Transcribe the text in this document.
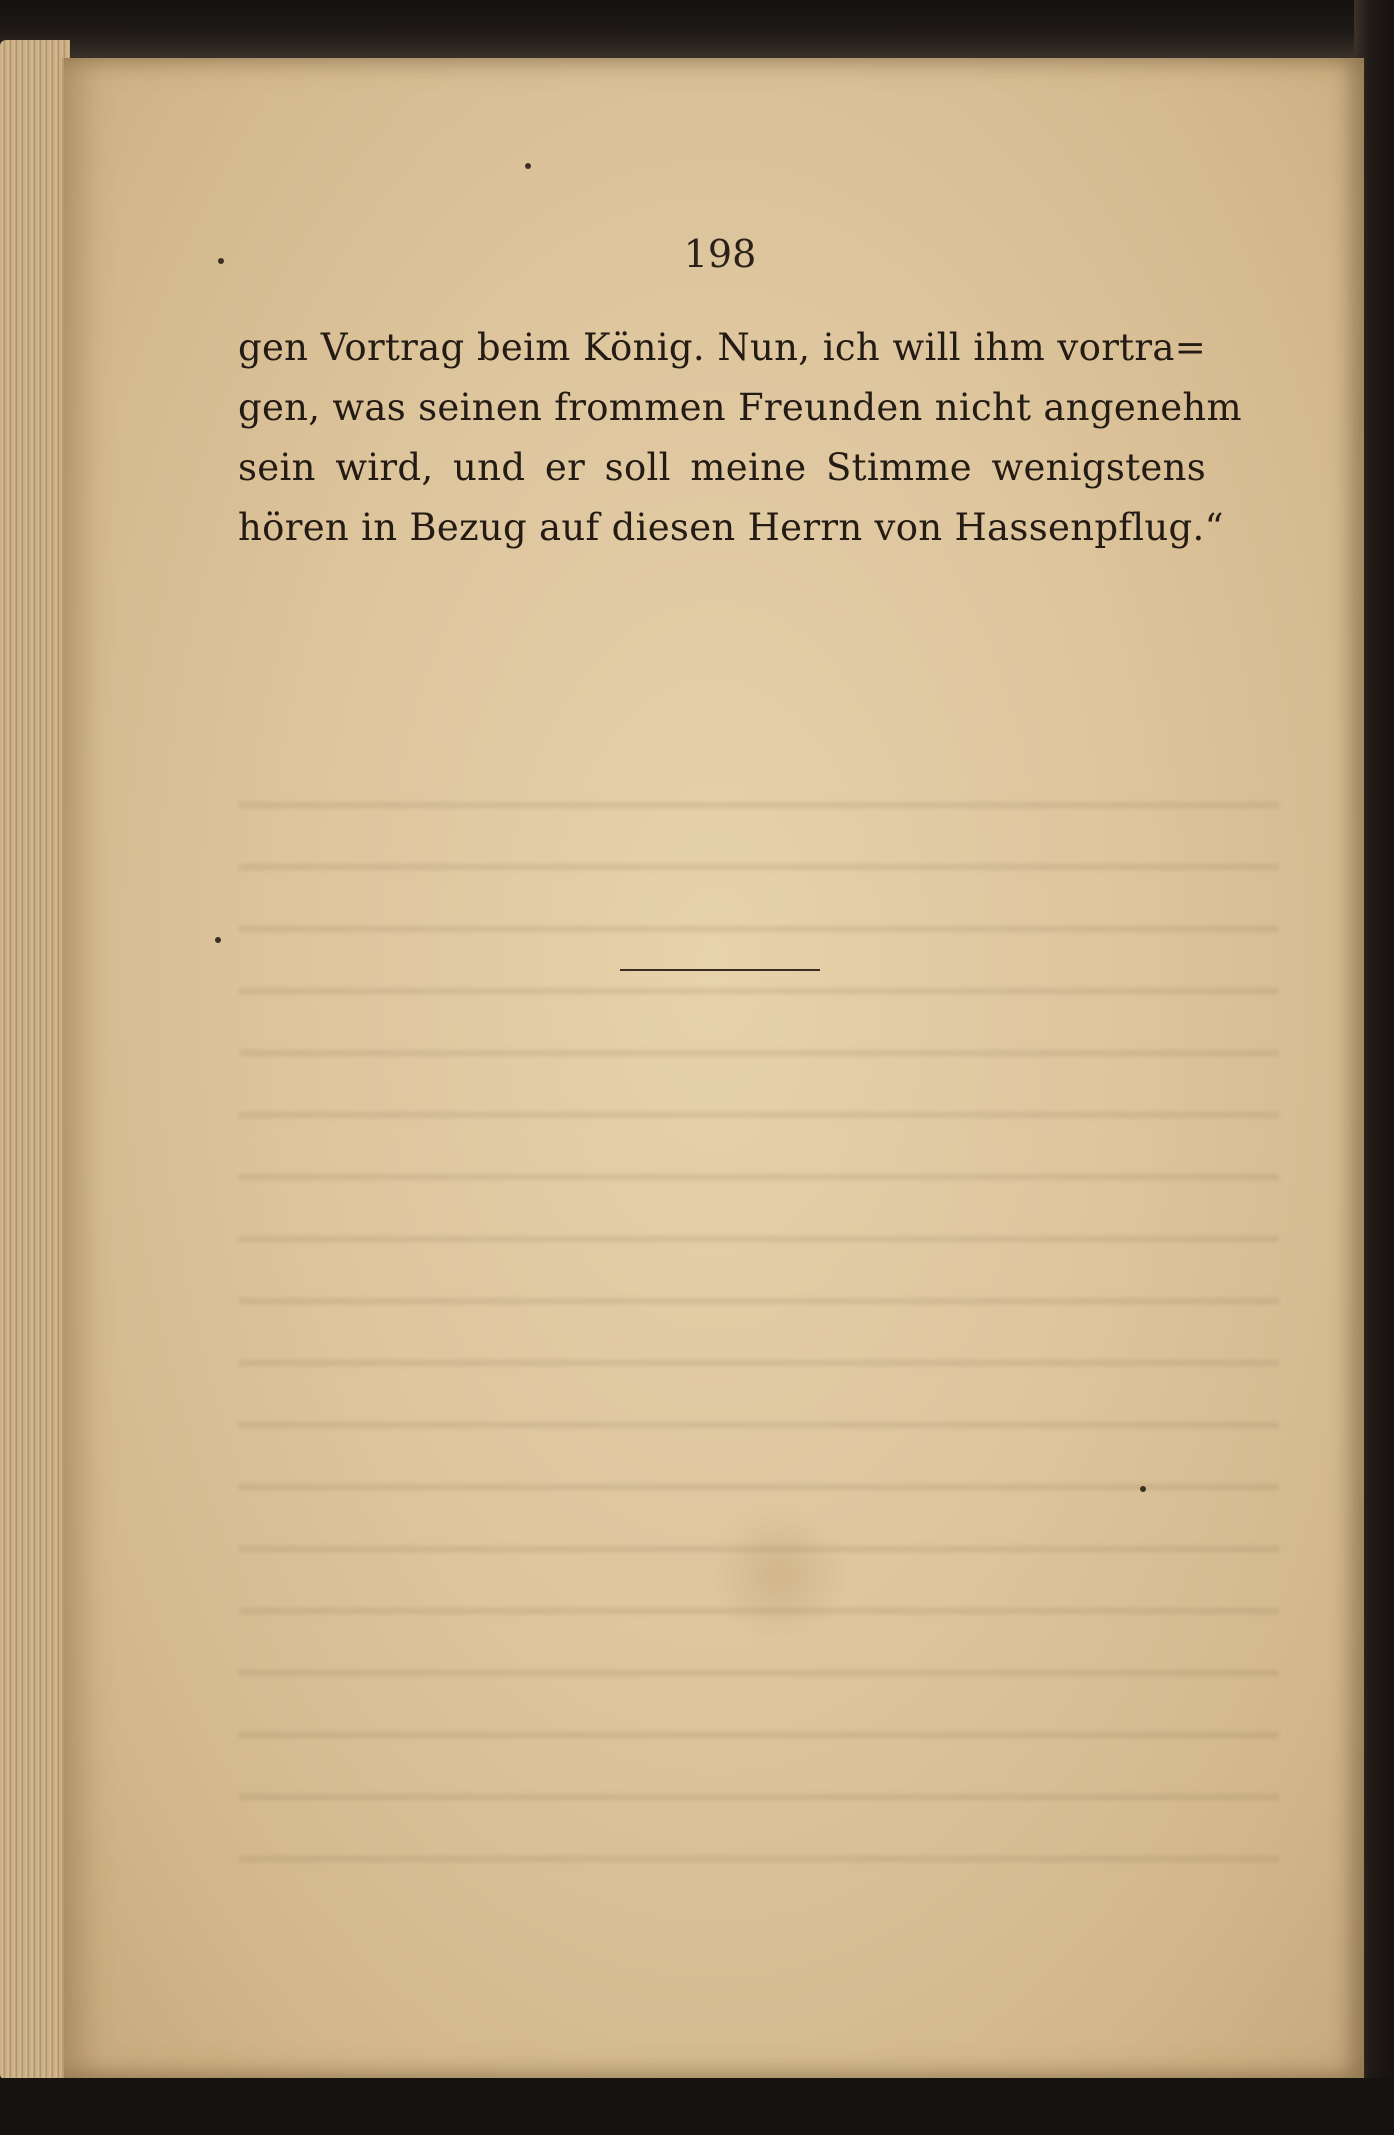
198
gen Vortrag beim König. Nun, ich will ihm vortra=
gen, was seinen frommen Freunden nicht angenehm
sein wird, und er soll meine Stimme wenigstens
hören in Bezug auf diesen Herrn von Hassenpflug.“
